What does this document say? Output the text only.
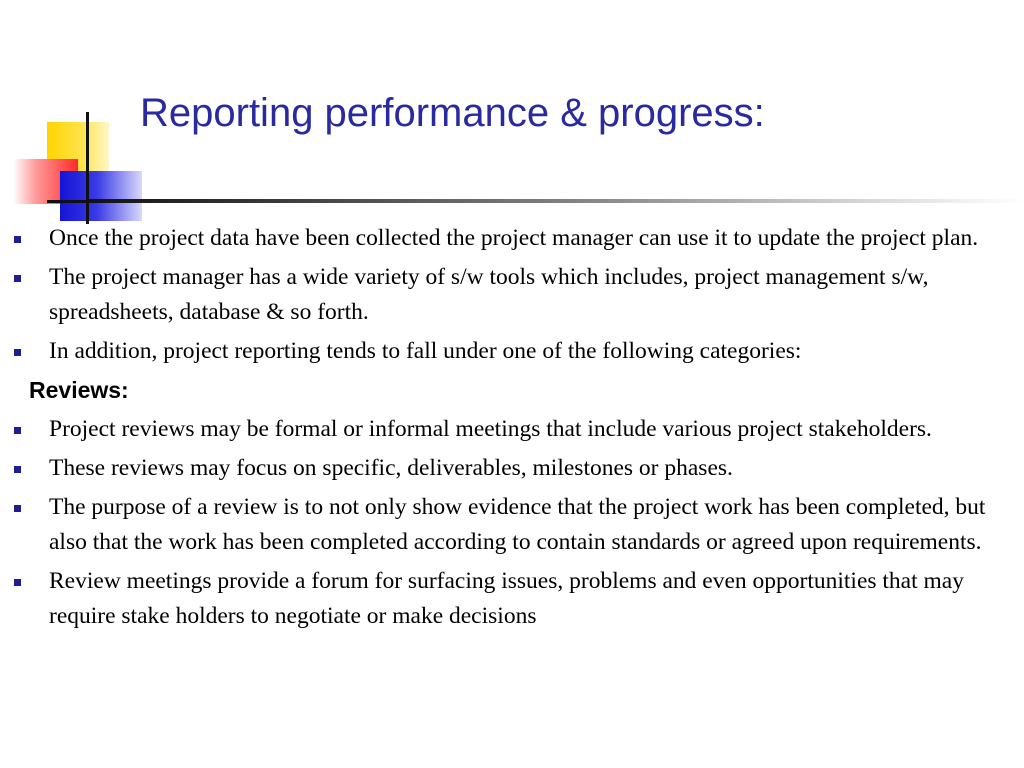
Reporting performance & progress:
Once the project data have been collected the project manager can use it to update the project plan.
The project manager has a wide variety of s/w tools which includes, project management s/w, spreadsheets, database & so forth.
In addition, project reporting tends to fall under one of the following categories:
Reviews:
Project reviews may be formal or informal meetings that include various project stakeholders.
These reviews may focus on specific, deliverables, milestones or phases.
The purpose of a review is to not only show evidence that the project work has been completed, but also that the work has been completed according to contain standards or agreed upon requirements.
Review meetings provide a forum for surfacing issues, problems and even opportunities that may require stake holders to negotiate or make decisions
